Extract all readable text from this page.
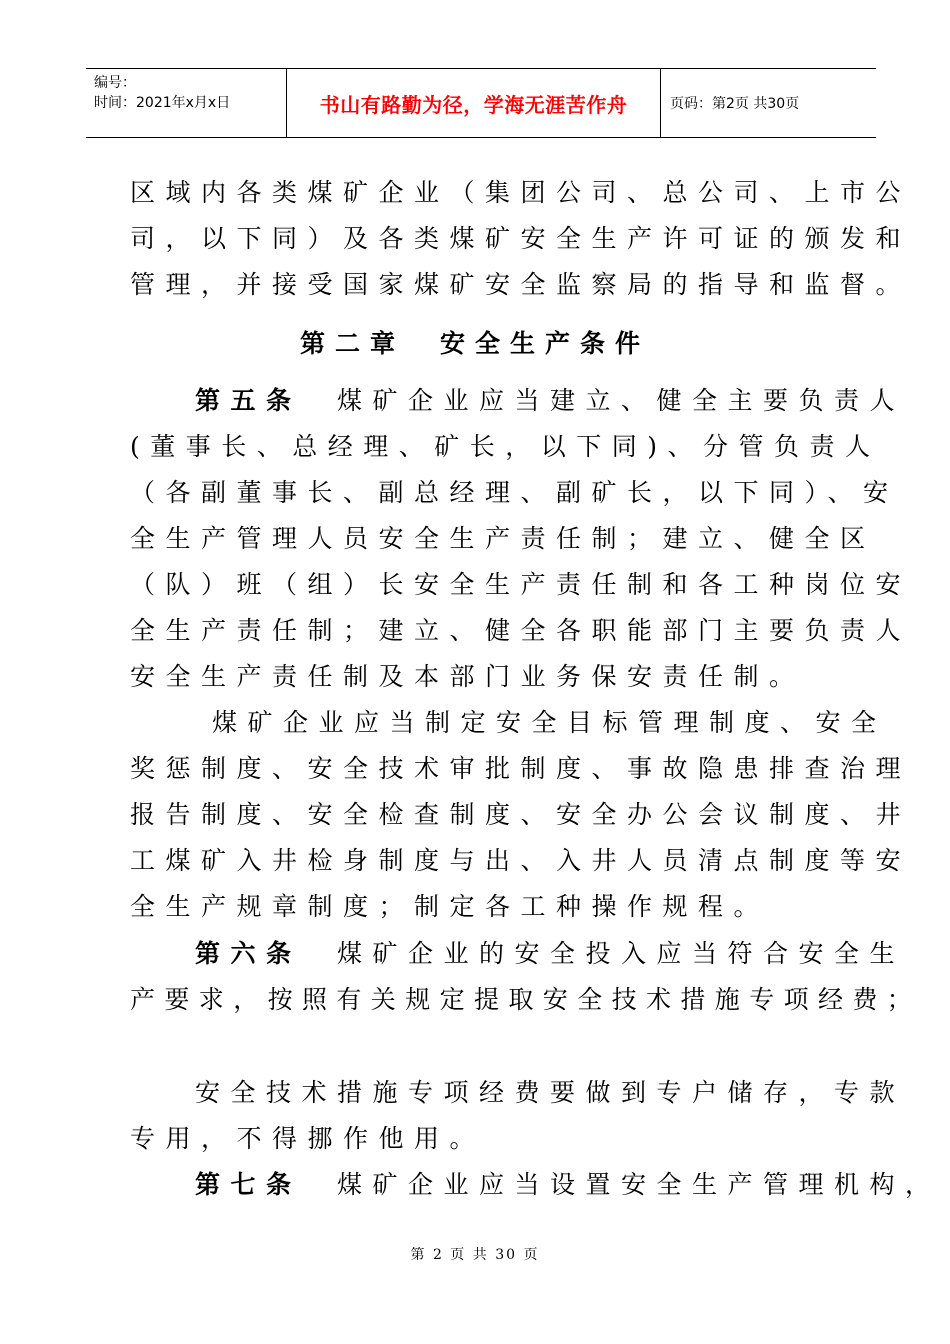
编号：
时间：2021年x月x日	书山有路勤为径，学海无涯苦作舟	页码：第2页 共30页
区域内各类煤矿企业（集团公司、总公司、上市公
司，以下同）及各类煤矿安全生产许可证的颁发和
管理，并接受国家煤矿安全监察局的指导和监督。
第二章　安全生产条件
第五条　煤矿企业应当建立、健全主要负责人
(董事长、总经理、矿长，以下同)、分管负责人
（各副董事长、副总经理、副矿长，以下同）、安
全生产管理人员安全生产责任制；建立、健全区
（队）班（组）长安全生产责任制和各工种岗位安
全生产责任制；建立、健全各职能部门主要负责人
安全生产责任制及本部门业务保安责任制。
煤矿企业应当制定安全目标管理制度、安全
奖惩制度、安全技术审批制度、事故隐患排查治理
报告制度、安全检查制度、安全办公会议制度、井
工煤矿入井检身制度与出、入井人员清点制度等安
全生产规章制度；制定各工种操作规程。
第六条　煤矿企业的安全投入应当符合安全生
产要求，按照有关规定提取安全技术措施专项经费；
安全技术措施专项经费要做到专户储存，专款
专用，不得挪作他用。
第七条　煤矿企业应当设置安全生产管理机构，
第 2 页 共 30 页
